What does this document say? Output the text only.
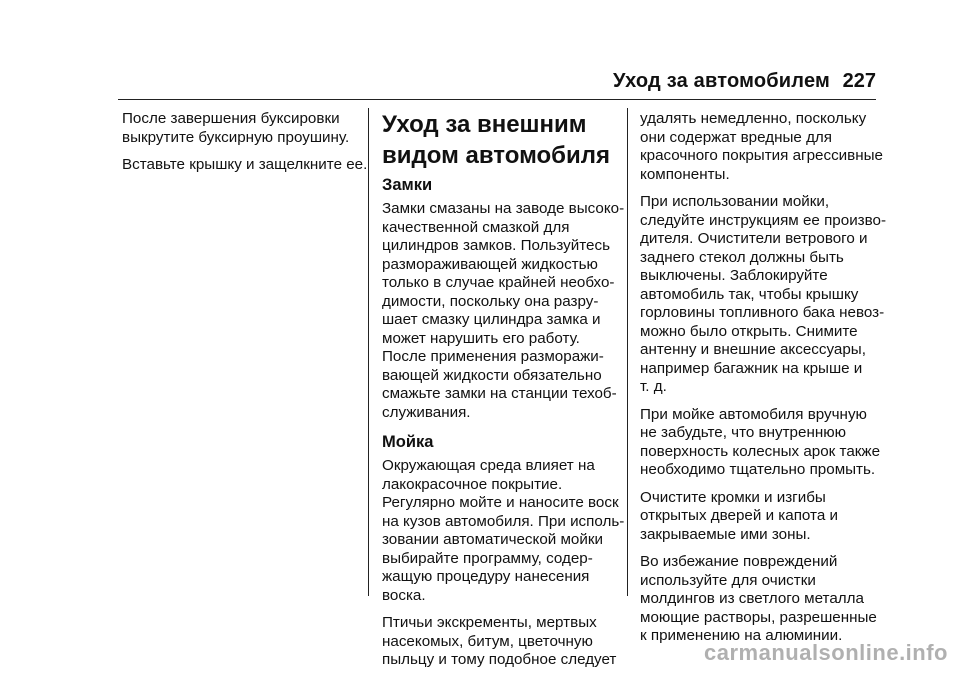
Уход за автомобилем 227
После завершения буксировки
выкрутите буксирную проушину.
Вставьте крышку и защелкните ее.
Уход за внешним
видом автомобиля
Замки
Замки смазаны на заводе высоко-
качественной смазкой для
цилиндров замков. Пользуйтесь
размораживающей жидкостью
только в случае крайней необхо-
димости, поскольку она разру-
шает смазку цилиндра замка и
может нарушить его работу.
После применения разморажи-
вающей жидкости обязательно
смажьте замки на станции техоб-
служивания.
Мойка
Окружающая среда влияет на
лакокрасочное покрытие.
Регулярно мойте и наносите воск
на кузов автомобиля. При исполь-
зовании автоматической мойки
выбирайте программу, содер-
жащую процедуру нанесения
воска.
Птичьи экскременты, мертвых
насекомых, битум, цветочную
пыльцу и тому подобное следует
удалять немедленно, поскольку
они содержат вредные для
красочного покрытия агрессивные
компоненты.
При использовании мойки,
следуйте инструкциям ее произво-
дителя. Очистители ветрового и
заднего стекол должны быть
выключены. Заблокируйте
автомобиль так, чтобы крышку
горловины топливного бака невоз-
можно было открыть. Снимите
антенну и внешние аксессуары,
например багажник на крыше и
т. д.
При мойке автомобиля вручную
не забудьте, что внутреннюю
поверхность колесных арок также
необходимо тщательно промыть.
Очистите кромки и изгибы
открытых дверей и капота и
закрываемые ими зоны.
Во избежание повреждений
используйте для очистки
молдингов из светлого металла
моющие растворы, разрешенные
к применению на алюминии.
carmanualsonline.info
